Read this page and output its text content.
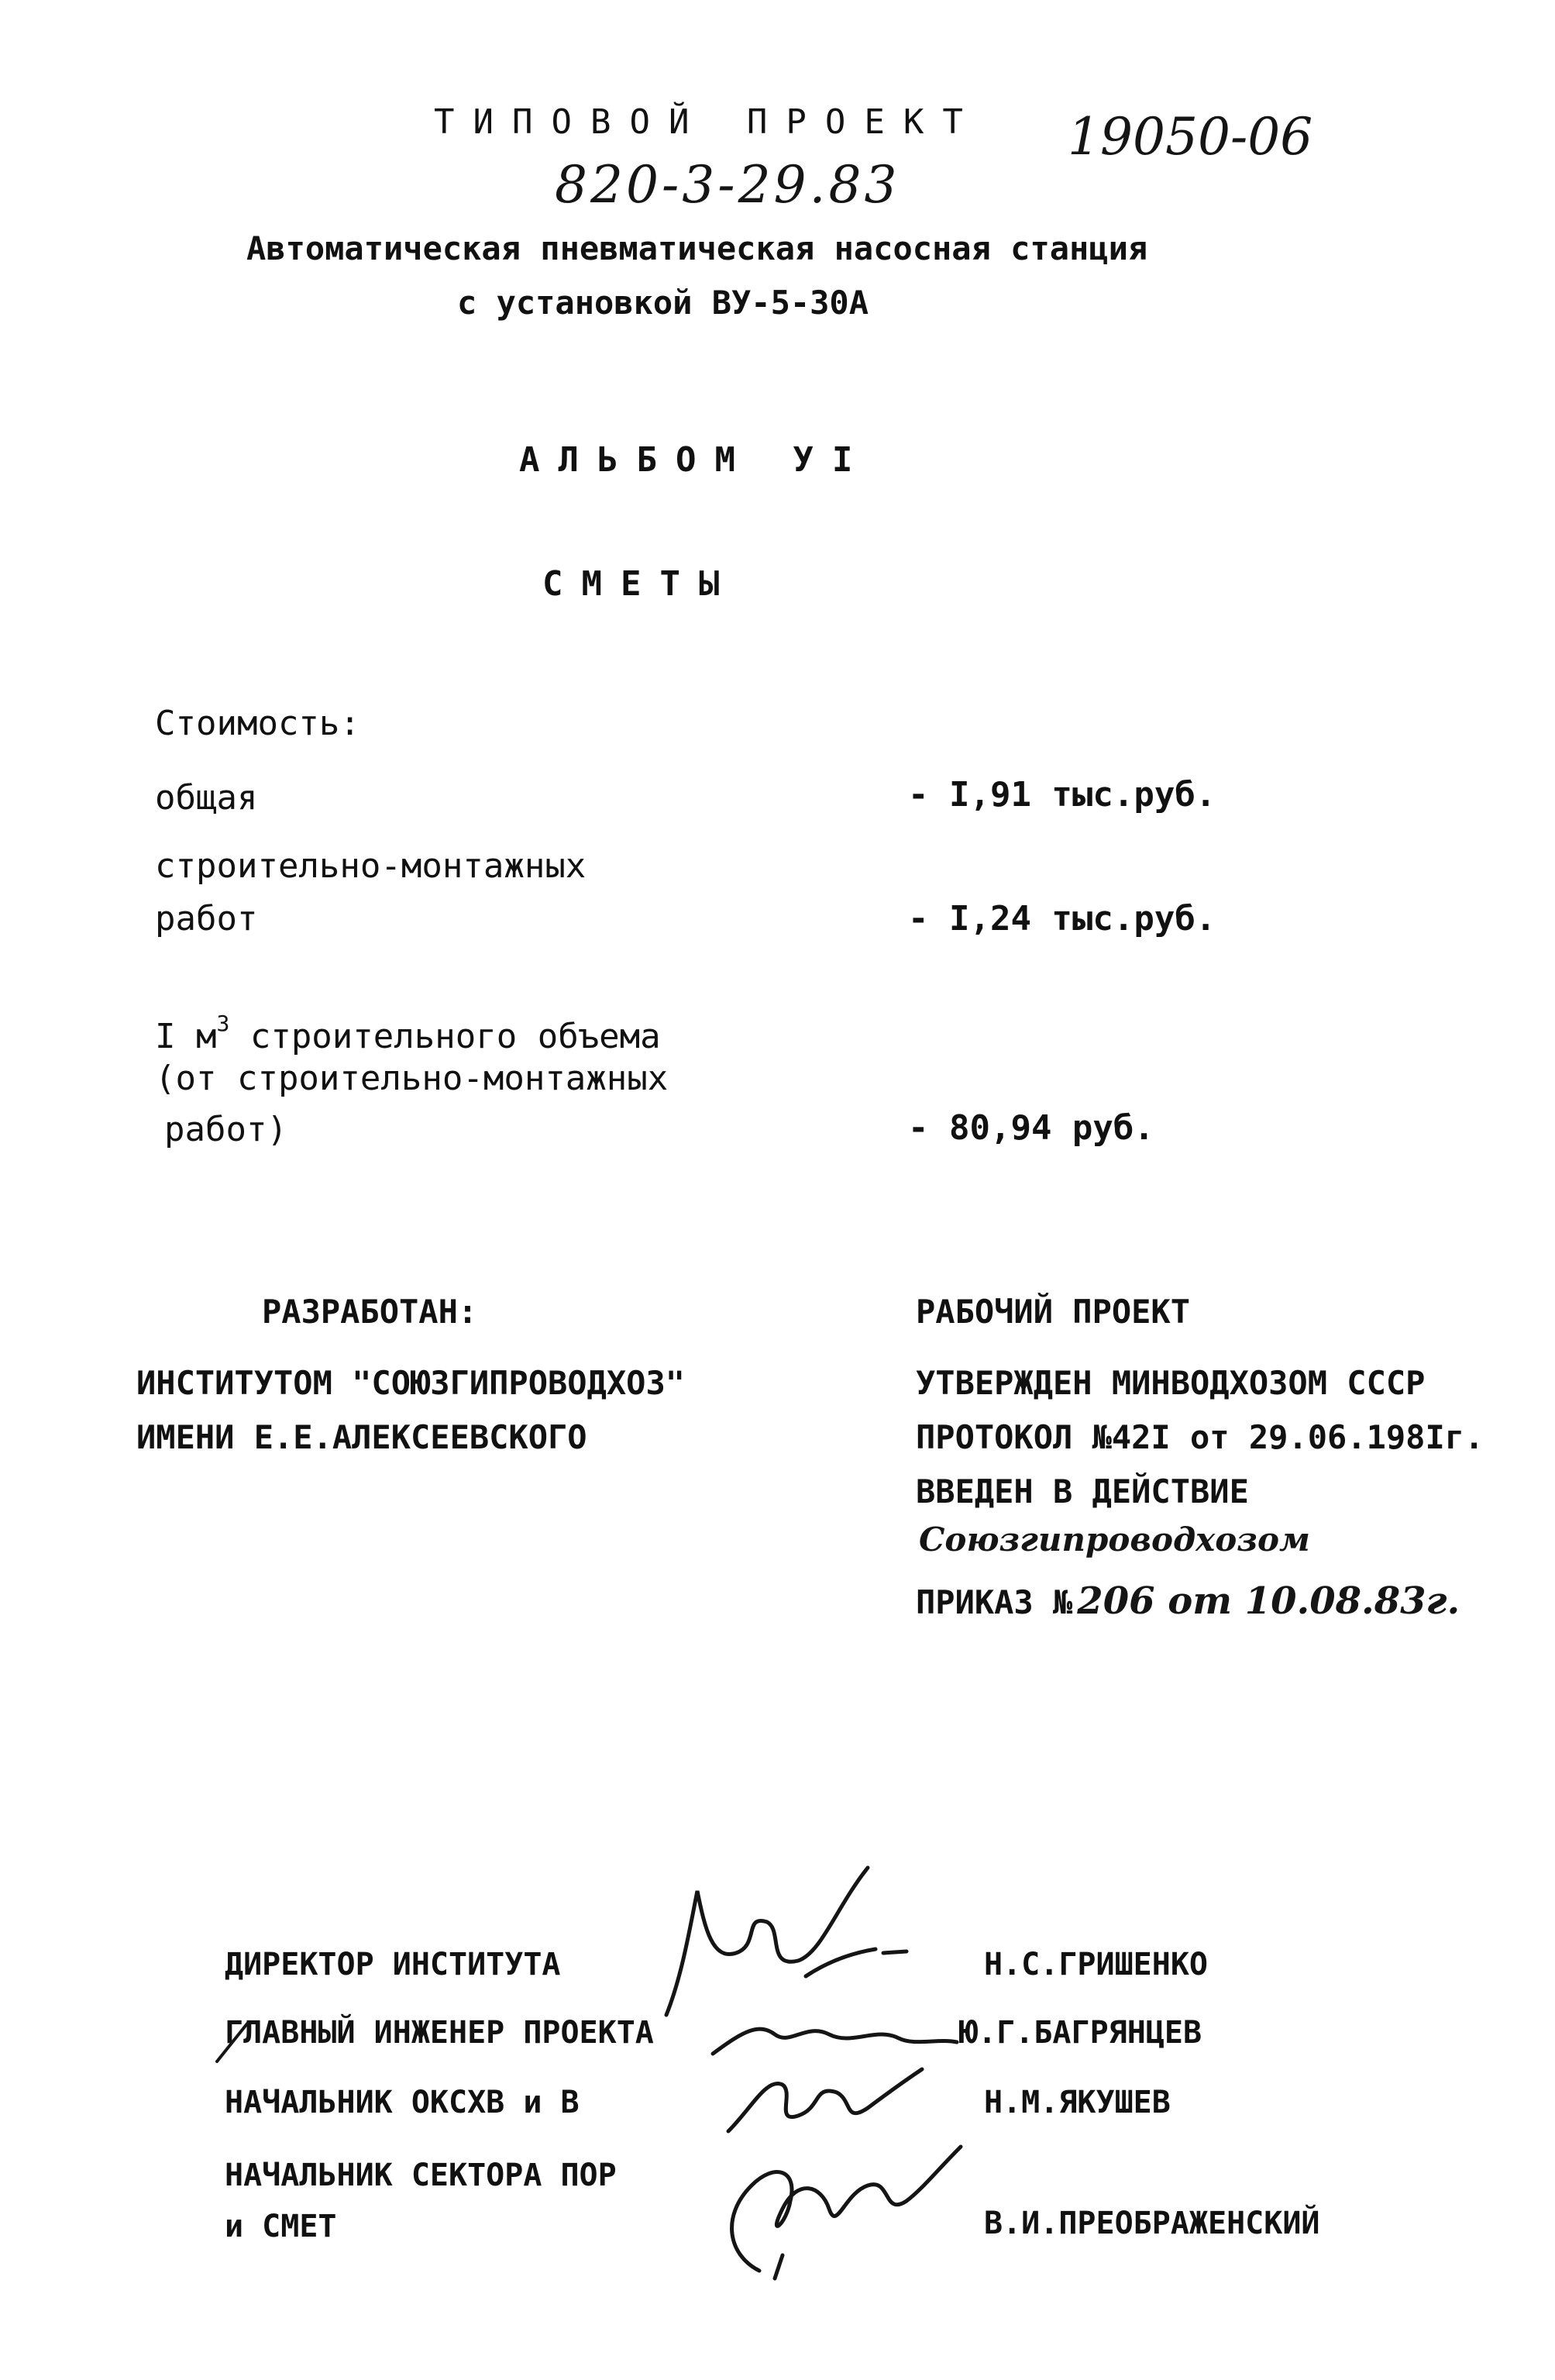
ТИПОВОЙ ПРОЕКТ 19050-06
820-3-29.83
Автоматическая пневматическая насосная станция
с установкой ВУ-5-30А
АЛЬБОМ УI
СМЕТЫ
Стоимость:
общая	- I,91 тыс.руб.
строительно-монтажных
работ	- I,24 тыс.руб.
I $м^3$ строительного объема
(от строительно-монтажных
работ)	- 80,94 руб.
РАЗРАБОТАН:
ИНСТИТУТОМ "СОЮЗГИПРОВОДХОЗ"
ИМЕНИ Е.Е.АЛЕКСЕЕВСКОГО
РАБОЧИЙ ПРОЕКТ
УТВЕРЖДЕН МИНВОДХОЗОМ СССР
ПРОТОКОЛ №42I от 29.06.198Iг.
ВВЕДЕН В ДЕЙСТВИЕ
Союзгипроводхозом
ПРИКАЗ № 206 от 10.08.83г.
ДИРЕКТОР ИНСТИТУТА	Н.С.ГРИШЕНКО
ГЛАВНЫЙ ИНЖЕНЕР ПРОЕКТА	Ю.Г.БАГРЯНЦЕВ
НАЧАЛЬНИК ОКСХВ и В	Н.М.ЯКУШЕВ
НАЧАЛЬНИК СЕКТОРА ПОР
и СМЕТ	В.И.ПРЕОБРАЖЕНСКИЙ
